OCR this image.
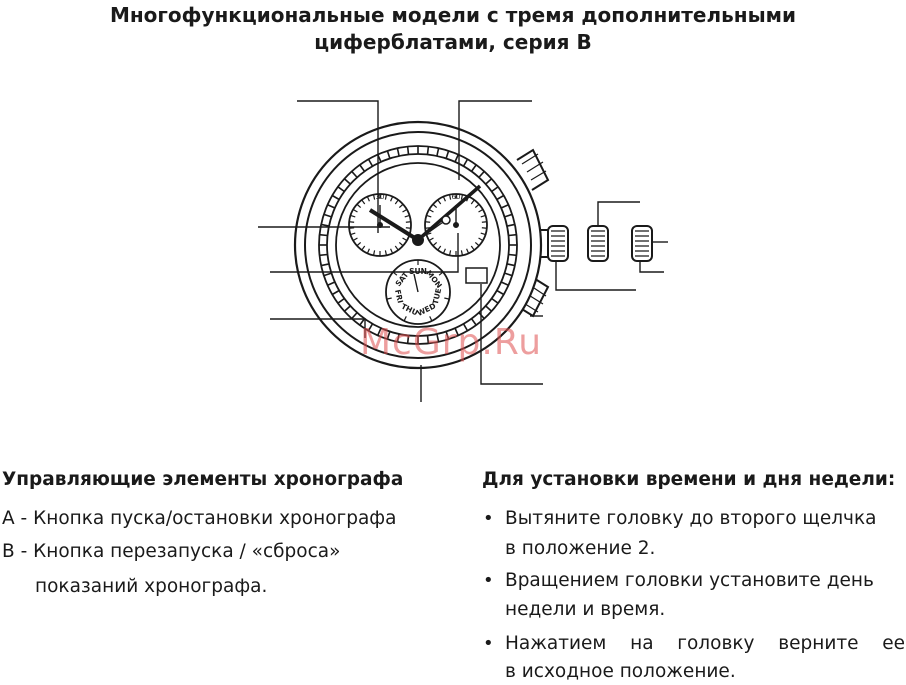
Многофункциональные модели с тремя дополнительными
циферблатами, серия B
30	60
SUN
MON
TUE
WED
THU
FRI
SAT
McGrp.Ru
Управляющие элементы хронографа
A - Кнопка пуска/остановки хронографа
B - Кнопка перезапуска / «сброса»
показаний хронографа.
Для установки времени и дня недели:
• Вытяните головку до второго щелчка
в положение 2.
• Вращением головки установите день
недели и время.
• Нажатием на головку верните ее
в исходное положение.
